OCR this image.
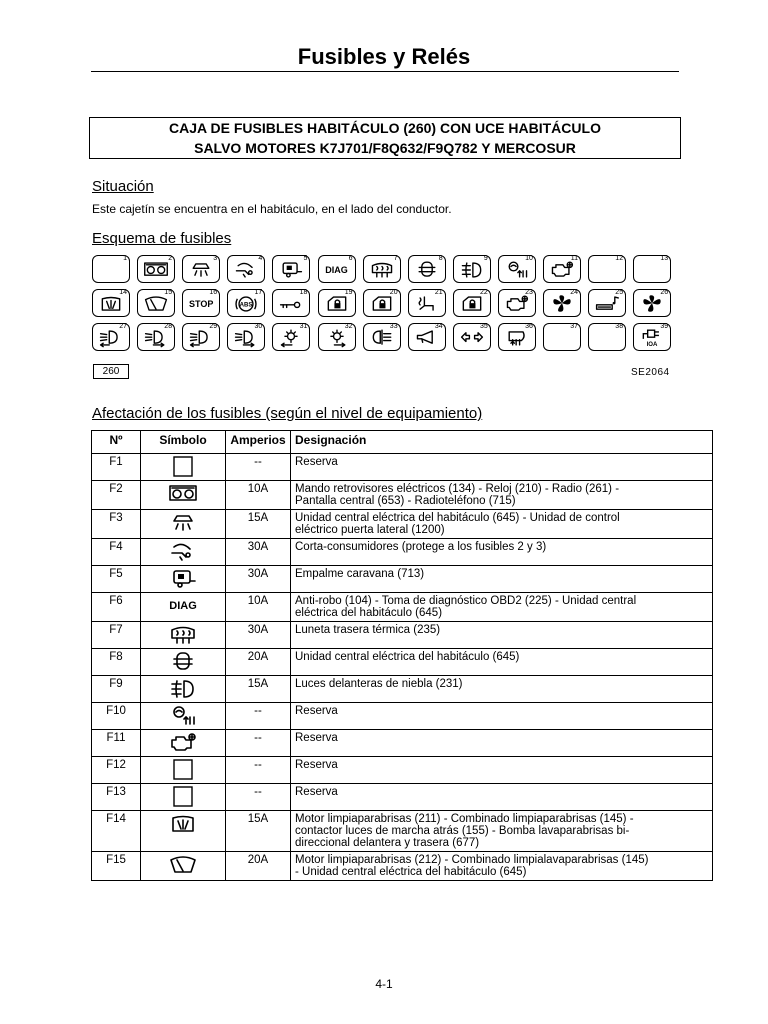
Fusibles y Relés
CAJA DE FUSIBLES HABITÁCULO (260) CON UCE HABITÁCULO
SALVO MOTORES K7J701/F8Q632/F9Q782 Y MERCOSUR
Situación
Este cajetín se encuentra en el habitáculo, en el lado del conductor.
Esquema de fusibles
1	2	3	4	5	6
DIAG
7	8	9	10	11	12	13
14	15	16
STOP
17
ABS
18	19	20	21	22	23	24	25	26
27	28	29	30	31	32	33	34	35	36	37	38	39
IOA
260	SE2064
Afectación de los fusibles (según el nivel de equipamiento)
Nº	Símbolo	Amperios	Designación
F1		--	Reserva

F2		10A	Mando retrovisores eléctricos (134) - Reloj (210) - Radio (261) -
Pantalla central (653) - Radioteléfono (715)

F3		15A	Unidad central eléctrica del habitáculo (645) - Unidad de control
eléctrico puerta lateral (1200)

F4		30A	Corta-consumidores (protege a los fusibles 2 y 3)

F5		30A	Empalme caravana (713)

F6	DIAG	10A	Anti-robo (104) - Toma de diagnóstico OBD2 (225) - Unidad central
eléctrica del habitáculo (645)

F7		30A	Luneta trasera térmica (235)

F8		20A	Unidad central eléctrica del habitáculo (645)

F9		15A	Luces delanteras de niebla (231)

F10		--	Reserva

F11		--	Reserva

F12		--	Reserva

F13		--	Reserva

F14		15A	Motor limpiaparabrisas (211) - Combinado limpiaparabrisas (145) -
contactor luces de marcha atrás (155) - Bomba lavaparabrisas bi-
direccional delantera y trasera (677)

F15		20A	Motor limpiaparabrisas (212) - Combinado limpialavaparabrisas (145)
- Unidad central eléctrica del habitáculo (645)
4-1
